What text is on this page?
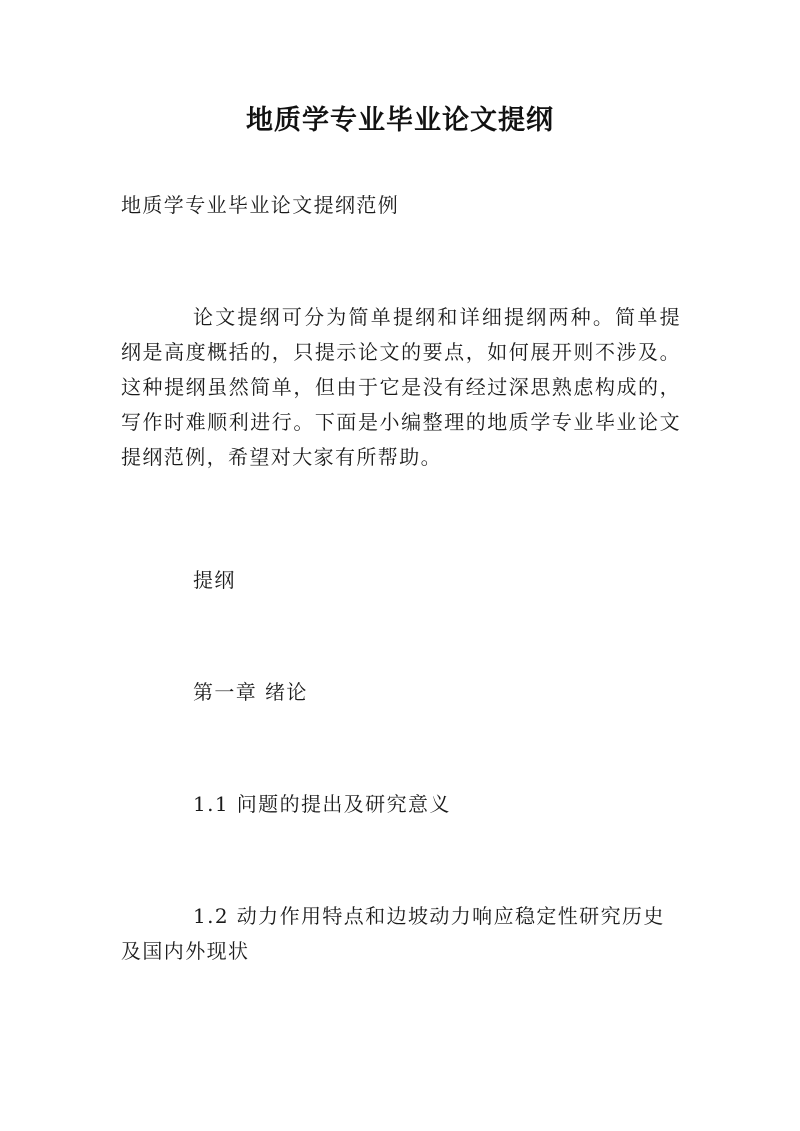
地质学专业毕业论文提纲

地质学专业毕业论文提纲范例

论文提纲可分为简单提纲和详细提纲两种。简单提纲是高度概括的，只提示论文的要点，如何展开则不涉及。这种提纲虽然简单，但由于它是没有经过深思熟虑构成的，写作时难顺利进行。下面是小编整理的地质学专业毕业论文提纲范例，希望对大家有所帮助。

提纲

第一章 绪论

1.1 问题的提出及研究意义

1.2 动力作用特点和边坡动力响应稳定性研究历史及国内外现状
